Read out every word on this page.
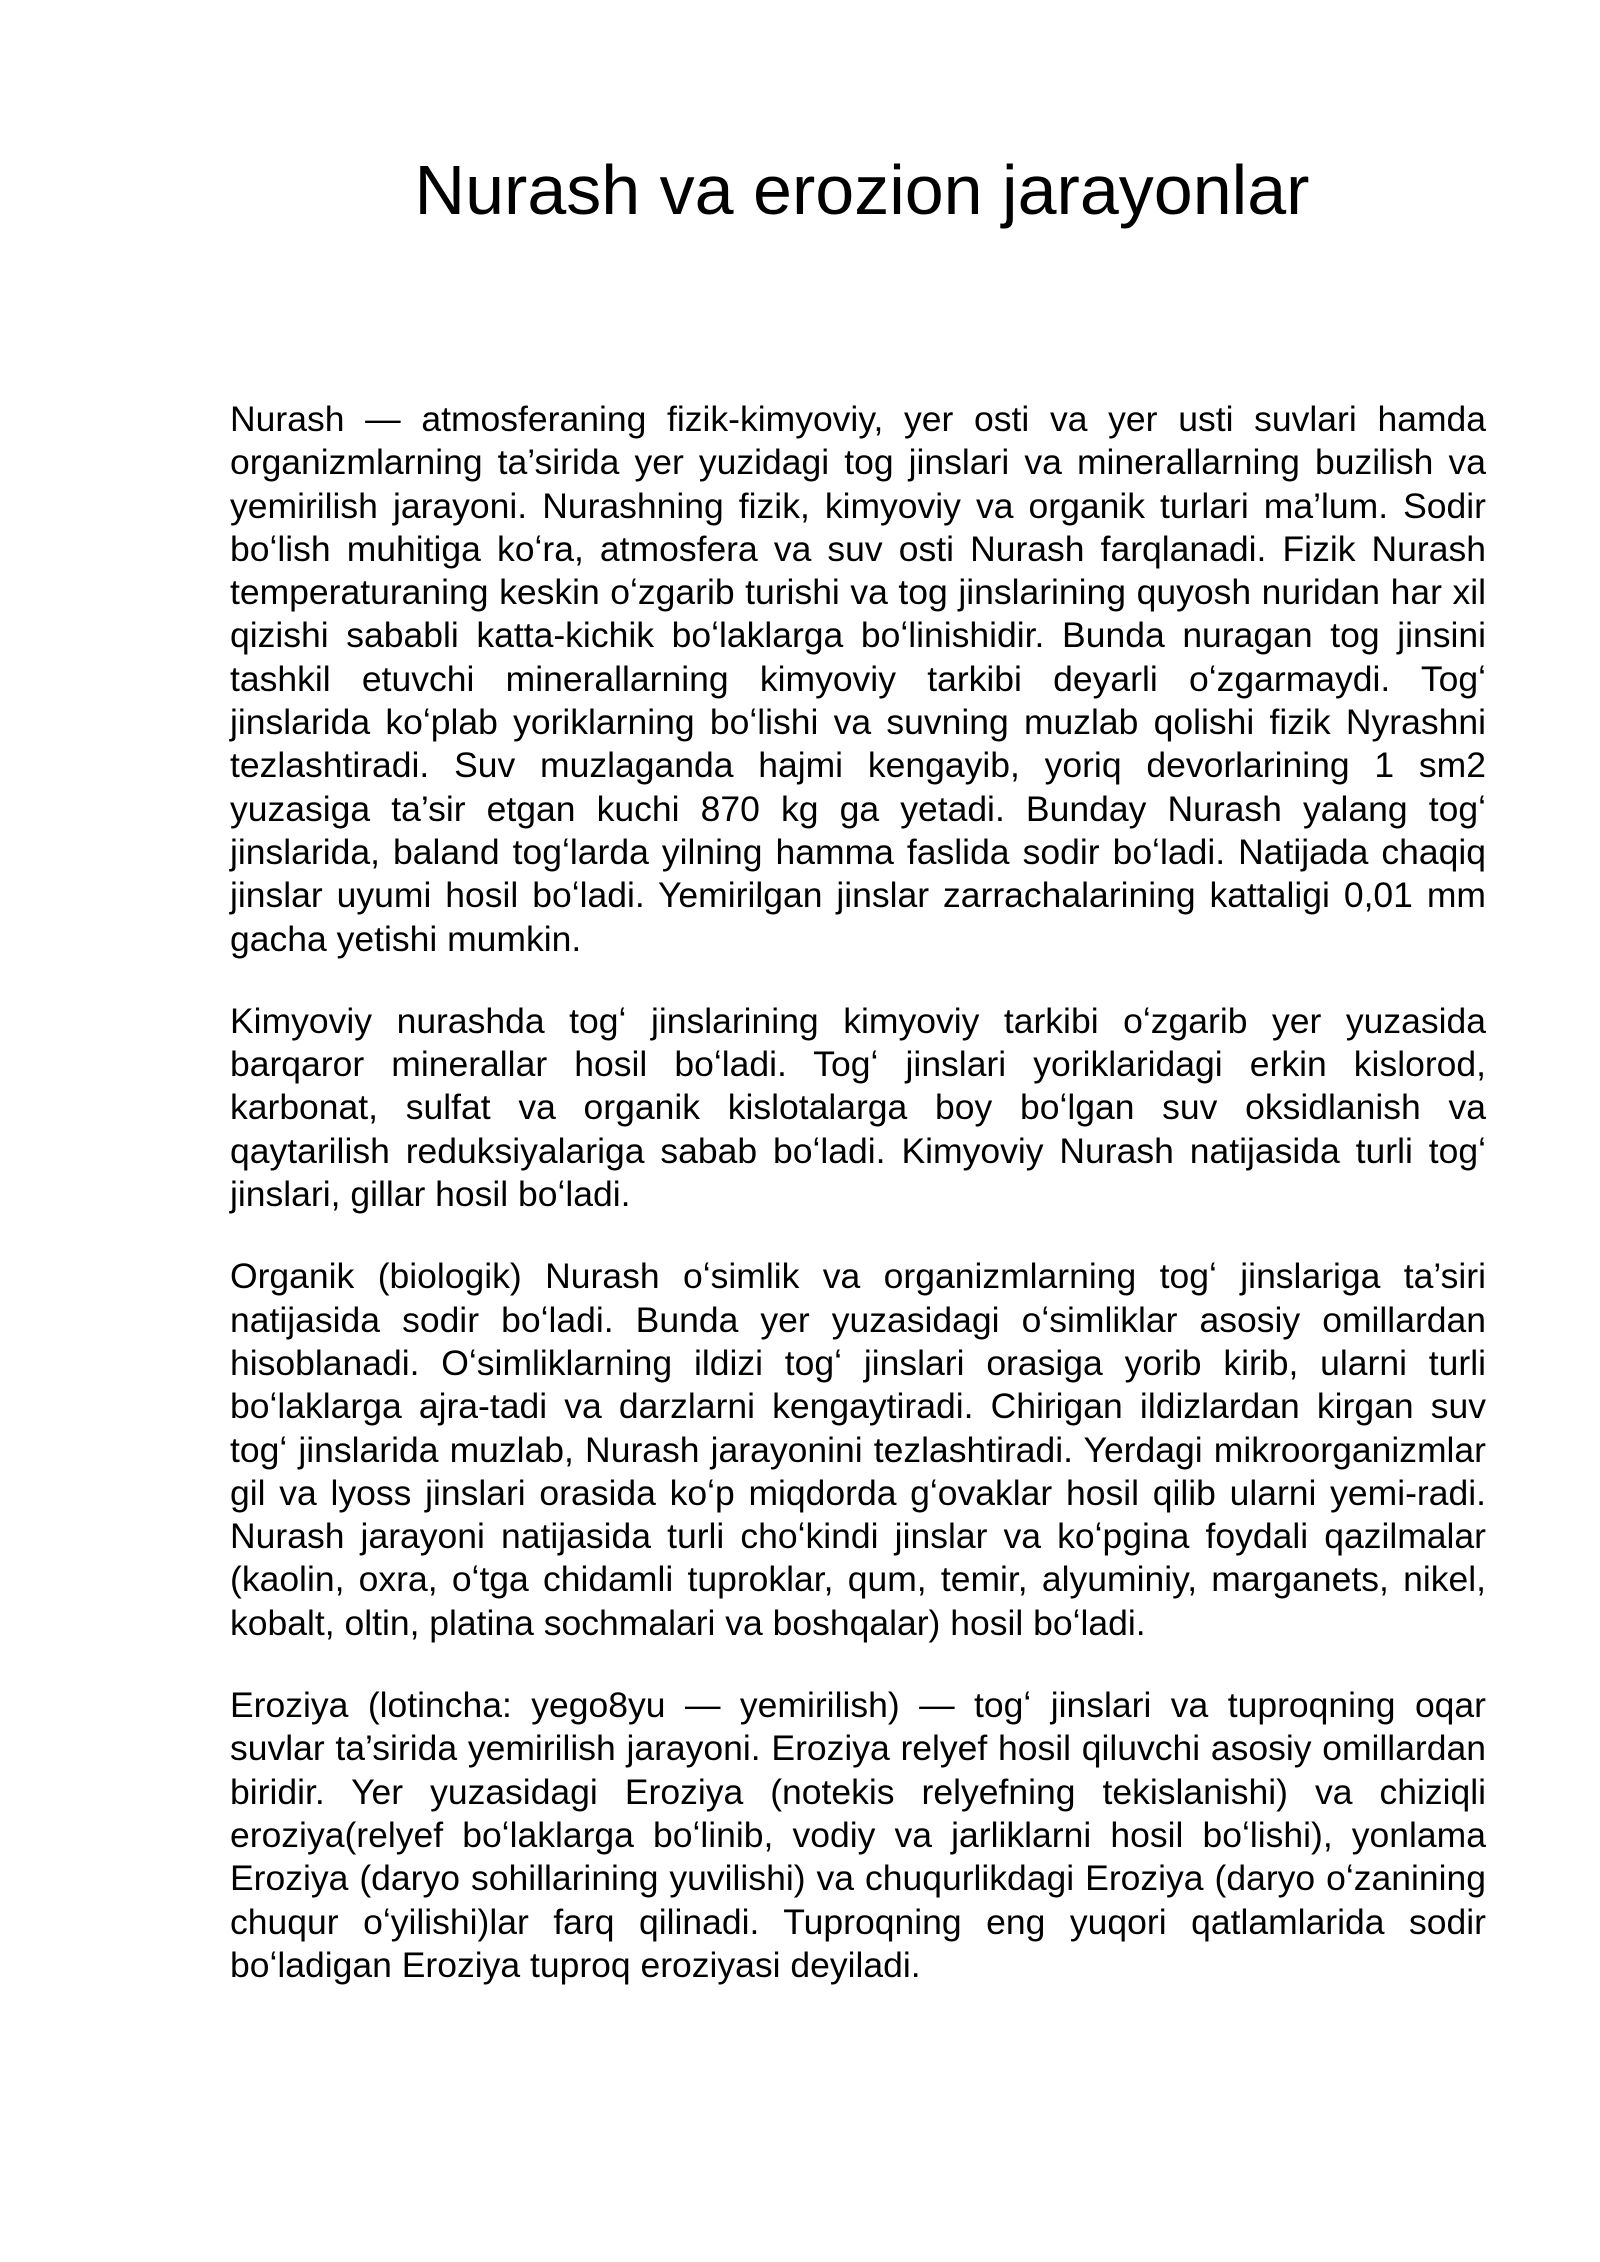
Nurash va erozion jarayonlar

Nurash — atmosferaning fizik-kimyoviy, yer osti va yer usti suvlari hamda organizmlarning ta’sirida yer yuzidagi tog jinslari va minerallarning buzilish va yemirilish jarayoni. Nurashning fizik, kimyoviy va organik turlari ma’lum. Sodir boʻlish muhitiga koʻra, atmosfera va suv osti Nurash farqlanadi. Fizik Nurash temperaturaning keskin oʻzgarib turishi va tog jinslarining quyosh nuridan har xil qizishi sababli katta-kichik boʻlaklarga boʻlinishidir. Bunda nuragan tog jinsini tashkil etuvchi minerallarning kimyoviy tarkibi deyarli oʻzgarmaydi. Togʻ jinslarida koʻplab yoriklarning boʻlishi va suvning muzlab qolishi fizik Nyrashni tezlashtiradi. Suv muzlaganda hajmi kengayib, yoriq devorlarining 1 sm2 yuzasiga ta’sir etgan kuchi 870 kg ga yetadi. Bunday Nurash yalang togʻ jinslarida, baland togʻlarda yilning hamma faslida sodir boʻladi. Natijada chaqiq jinslar uyumi hosil boʻladi. Yemirilgan jinslar zarrachalarining kattaligi 0,01 mm gacha yetishi mumkin.

Kimyoviy nurashda togʻ jinslarining kimyoviy tarkibi oʻzgarib yer yuzasida barqaror minerallar hosil boʻladi. Togʻ jinslari yoriklaridagi erkin kislorod, karbonat, sulfat va organik kislotalarga boy boʻlgan suv oksidlanish va qaytarilish reduksiyalariga sabab boʻladi. Kimyoviy Nurash natijasida turli togʻ jinslari, gillar hosil boʻladi.

Organik (biologik) Nurash oʻsimlik va organizmlarning togʻ jinslariga ta’siri natijasida sodir boʻladi. Bunda yer yuzasidagi oʻsimliklar asosiy omillardan hisoblanadi. Oʻsimliklarning ildizi togʻ jinslari orasiga yorib kirib, ularni turli boʻlaklarga ajra-tadi va darzlarni kengaytiradi. Chirigan ildizlardan kirgan suv togʻ jinslarida muzlab, Nurash jarayonini tezlashtiradi. Yerdagi mikroorganizmlar gil va lyoss jinslari orasida koʻp miqdorda gʻovaklar hosil qilib ularni yemi-radi. Nurash jarayoni natijasida turli choʻkindi jinslar va koʻpgina foydali qazilmalar (kaolin, oxra, oʻtga chidamli tuproklar, qum, temir, alyuminiy, marganets, nikel, kobalt, oltin, platina sochmalari va boshqalar) hosil boʻladi.

Eroziya (lotincha: yego8yu — yemirilish) — togʻ jinslari va tuproqning oqar suvlar ta’sirida yemirilish jarayoni. Eroziya relyef hosil qiluvchi asosiy omillardan biridir. Yer yuzasidagi Eroziya (notekis relyefning tekislanishi) va chiziqli eroziya(relyef boʻlaklarga boʻlinib, vodiy va jarliklarni hosil boʻlishi), yonlama Eroziya (daryo sohillarining yuvilishi) va chuqurlikdagi Eroziya (daryo oʻzanining chuqur oʻyilishi)lar farq qilinadi. Tuproqning eng yuqori qatlamlarida sodir boʻladigan Eroziya tuproq eroziyasi deyiladi.
